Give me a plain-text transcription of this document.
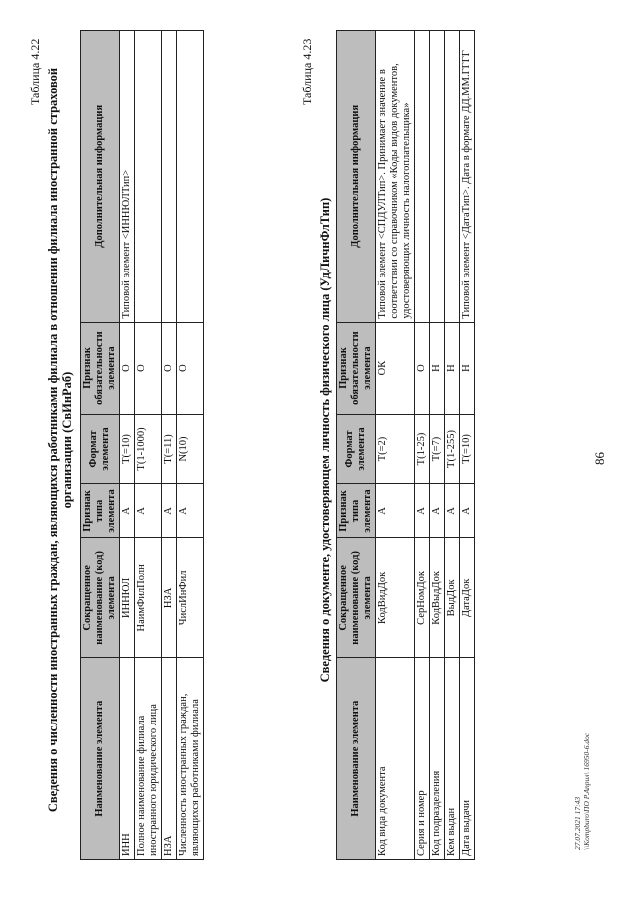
86
Таблица 4.22 Сведения о численности иностранных граждан, являющихся работниками филиала в отношении филиала иностранной страховой организации (СвИнРаб)
Наименование элемента	Сокращенное наименование (код) элемента	Признак типа элемента	Формат элемента	Признак обязательности элемента	Дополнительная информация
ИНН	ИННЮЛ	А	T(=10)	О	Типовой элемент <ИННЮЛТип>
Полное наименование филиала иностранного юридического лица	НаимФилПолн	А	T(1-1000)	О	
НЗА	НЗА	А	T(=11)	О	
Численность иностранных граждан, являющихся работниками филиала	ЧислИнФил	А	N(10)	О	
Таблица 4.23
Сведения о документе, удостоверяющем личность физического лица (УдЛичнФлТип)
Наименование элемента	Сокращенное наименование (код) элемента	Признак типа элемента	Формат элемента	Признак обязательности элемента	Дополнительная информация
Код вида документа	КодВидДок	А	T(=2)	ОК	Типовой элемент <СПДУЛТип>. Принимает значение в соответствии со справочником «Коды видов документов, удостоверяющих личность налогоплательщика»
Серия и номер	СерНомДок	А	T(1-25)	О	
Код подразделения	КодВыдДок	А	T(=7)	Н	
Кем выдан	ВыдДок	А	T(1-255)	Н	
Дата выдачи	ДатаДок	А	T(=10)	Н	Типовой элемент <ДатаТип>. Дата в формате ДД.ММ.ГГГГ
27.07.2021 17:43 \\Kompburo\ПО Р.Април\ 16950-6.doc
